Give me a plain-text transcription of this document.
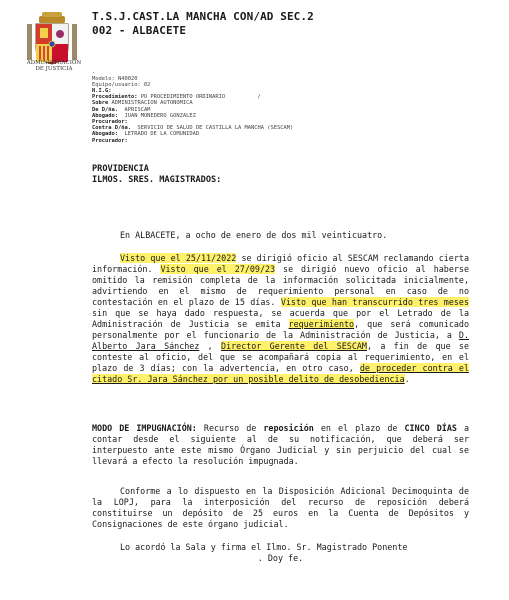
ADMINISTRACIÓN
DE JUSTICIA
T.S.J.CAST.LA MANCHA CON/AD SEC.2
002 - ALBACETE
-
Modelo: N40020
Equipo/usuario: 02
N.I.G:
Procedimiento: PO PROCEDIMIENTO ORDINARIO          /
Sobre ADMINISTRACION AUTONOMICA
De D/ña. APRISCAM
Abogado: JUAN MONEDERO GONZALEZ
Procurador:
Contra D/ña. SERVICIO DE SALUD DE CASTILLA LA MANCHA (SESCAM)
Abogado: LETRADO DE LA COMUNIDAD
Procurador:
PROVIDENCIA
ILMOS. SRES. MAGISTRADOS:
En ALBACETE, a ocho de enero de dos mil veinticuatro.
Visto que el 25/11/2022 se dirigió oficio al SESCAM reclamando cierta información. Visto que el 27/09/23 se dirigió nuevo oficio al haberse omitido la remisión completa de la información solicitada inicialmente, advirtiendo en el mismo de requerimiento personal en caso de no contestación en el plazo de 15 días. Visto que han transcurrido tres meses sin que se haya dado respuesta, se acuerda que por el Letrado de la Administración de Justicia se emita requerimiento, que será comunicado personalmente por el funcionario de la Administración de Justicia, a D. Alberto Jara Sánchez , Director Gerente del SESCAM, a fin de que se conteste al oficio, del que se acompañará copia al requerimiento, en el plazo de 3 días; con la advertencia, en otro caso, de proceder contra el citado Sr. Jara Sánchez por un posible delito de desobediencia.
MODO DE IMPUGNACIÓN: Recurso de reposición en el plazo de CINCO DÍAS a contar desde el siguiente al de su notificación, que deberá ser interpuesto ante este mismo Órgano Judicial y sin perjuicio del cual se llevará a efecto la resolución impugnada.
Conforme a lo dispuesto en la Disposición Adicional Decimoquinta de la LOPJ, para la interposición del recurso de reposición deberá constituirse un depósito de 25 euros en la Cuenta de Depósitos y Consignaciones de este órgano judicial.
Lo acordó la Sala y firma el Ilmo. Sr. Magistrado Ponente
. Doy fe.
